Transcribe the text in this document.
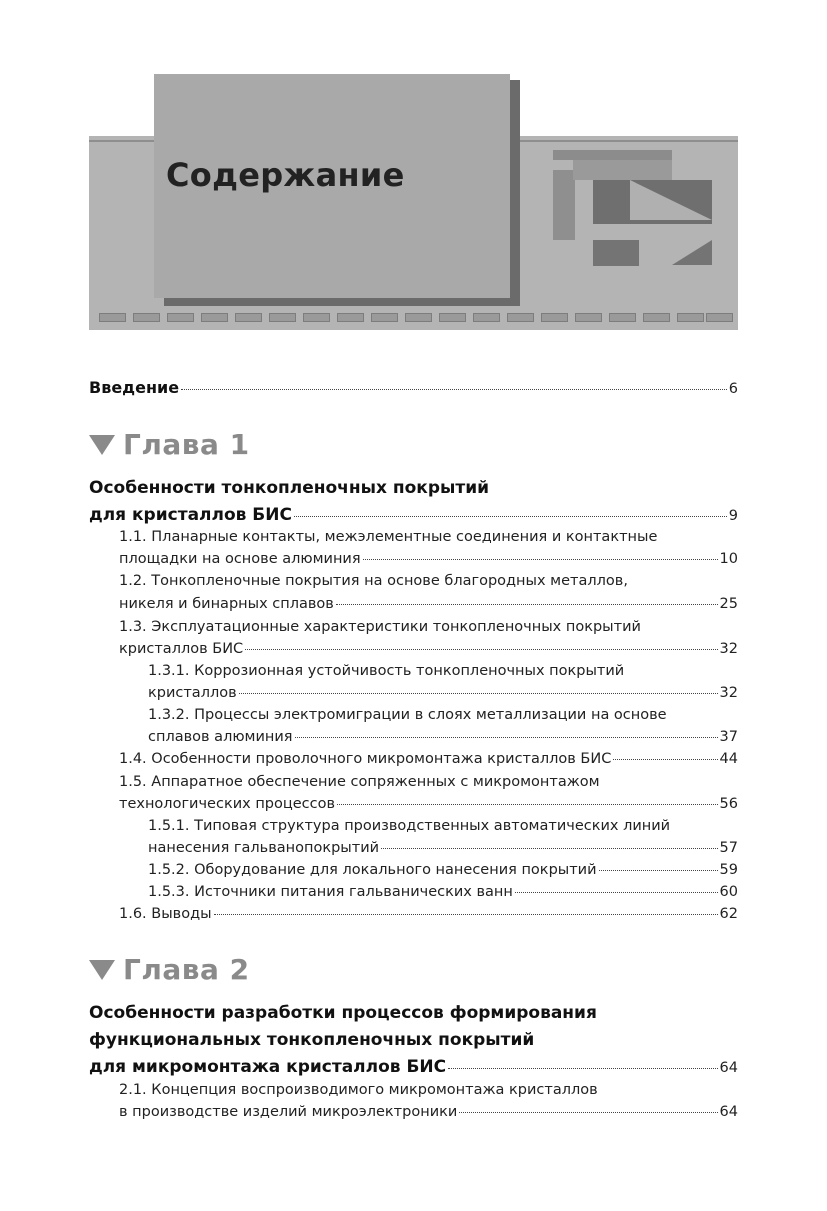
Содержание
Введение	6
Глава 1
Особенности тонкопленочных покрытий
для кристаллов БИС	9
1.1. Планарные контакты, межэлементные соединения и контактные
площадки на основе алюминия	10
1.2. Тонкопленочные покрытия на основе благородных металлов,
никеля и бинарных сплавов	25
1.3. Эксплуатационные характеристики тонкопленочных покрытий
кристаллов БИС	32
1.3.1. Коррозионная устойчивость тонкопленочных покрытий
кристаллов	32
1.3.2. Процессы электромиграции в слоях металлизации на основе
сплавов алюминия	37
1.4. Особенности проволочного микромонтажа кристаллов БИС	44
1.5. Аппаратное обеспечение сопряженных с микромонтажом
технологических процессов	56
1.5.1. Типовая структура производственных автоматических линий
нанесения гальванопокрытий	57
1.5.2. Оборудование для локального нанесения покрытий	59
1.5.3. Источники питания гальванических ванн	60
1.6. Выводы	62
Глава 2
Особенности разработки процессов формирования
функциональных тонкопленочных покрытий
для микромонтажа кристаллов БИС	64
2.1. Концепция воспроизводимого микромонтажа кристаллов
в производстве изделий микроэлектроники	64
